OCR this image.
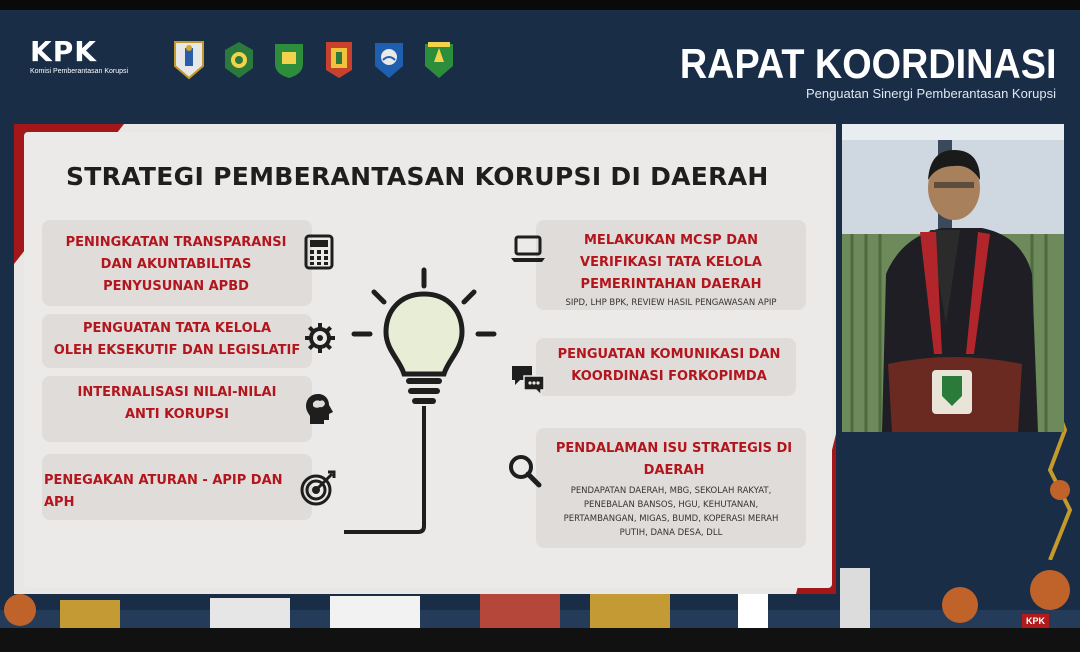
KPK
Komisi Pemberantasan Korupsi	RAPAT KOORDINASI
Penguatan Sinergi Pemberantasan Korupsi
STRATEGI PEMBERANTASAN KORUPSI DI DAERAH
PENINGKATAN TRANSPARANSI
DAN AKUNTABILITAS
PENYUSUNAN APBD
PENGUATAN TATA KELOLA
OLEH EKSEKUTIF DAN LEGISLATIF
INTERNALISASI NILAI-NILAI
ANTI KORUPSI
PENEGAKAN ATURAN - APIP DAN
APH
MELAKUKAN MCSP DAN
VERIFIKASI TATA KELOLA
PEMERINTAHAN DAERAH
SIPD, LHP BPK, REVIEW HASIL PENGAWASAN APIP
PENGUATAN KOMUNIKASI DAN
KOORDINASI FORKOPIMDA
PENDALAMAN ISU STRATEGIS DI
DAERAH
PENDAPATAN DAERAH, MBG, SEKOLAH RAKYAT,
PENEBALAN BANSOS, HGU, KEHUTANAN,
PERTAMBANGAN, MIGAS, BUMD, KOPERASI MERAH
PUTIH, DANA DESA, DLL
KPK
